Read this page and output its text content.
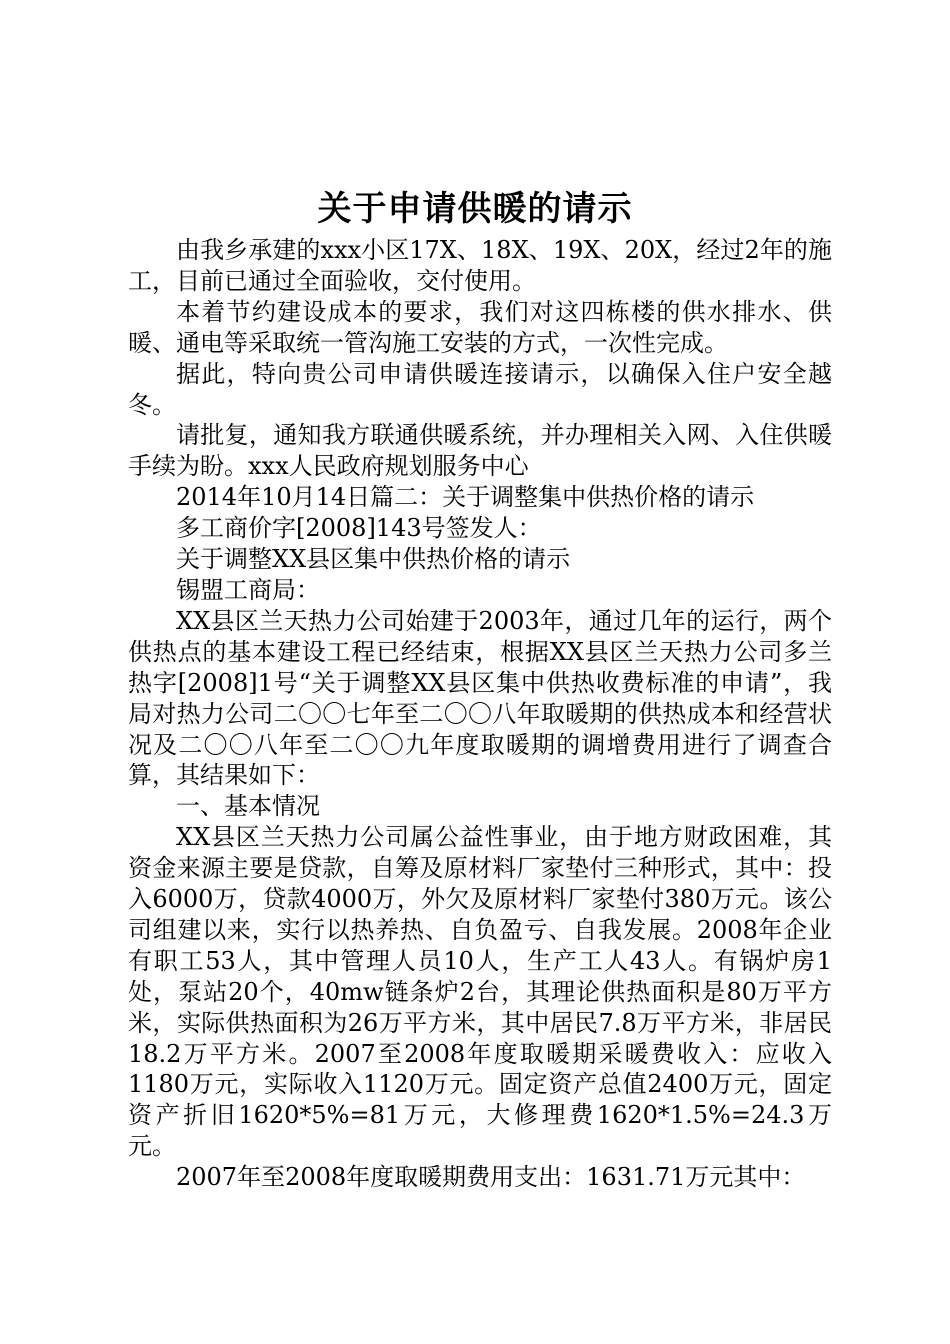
关于申请供暖的请示

由我乡承建的xxx小区17X、18X、19X、20X，经过2年的施工，目前已通过全面验收，交付使用。

本着节约建设成本的要求，我们对这四栋楼的供水排水、供暖、通电等采取统一管沟施工安装的方式，一次性完成。

据此，特向贵公司申请供暖连接请示，以确保入住户安全越冬。

请批复，通知我方联通供暖系统，并办理相关入网、入住供暖手续为盼。xxx人民政府规划服务中心

2014年10月14日篇二：关于调整集中供热价格的请示

多工商价字[2008]143号签发人：

关于调整XX县区集中供热价格的请示

锡盟工商局：

XX县区兰天热力公司始建于2003年，通过几年的运行，两个供热点的基本建设工程已经结束，根据XX县区兰天热力公司多兰热字[2008]1号“关于调整XX县区集中供热收费标准的申请”，我局对热力公司二〇〇七年至二〇〇八年取暖期的供热成本和经营状况及二〇〇八年至二〇〇九年度取暖期的调增费用进行了调查合算，其结果如下：

一、基本情况

XX县区兰天热力公司属公益性事业，由于地方财政困难，其资金来源主要是贷款，自筹及原材料厂家垫付三种形式，其中：投入6000万，贷款4000万，外欠及原材料厂家垫付380万元。该公司组建以来，实行以热养热、自负盈亏、自我发展。2008年企业有职工53人，其中管理人员10人，生产工人43人。有锅炉房1处，泵站20个，40mw链条炉2台，其理论供热面积是80万平方米，实际供热面积为26万平方米，其中居民7.8万平方米，非居民18.2万平方米。2007至2008年度取暖期采暖费收入：应收入1180万元，实际收入1120万元。固定资产总值2400万元，固定资产折旧1620*5%=81万元，大修理费1620*1.5%=24.3万元。

2007年至2008年度取暖期费用支出：1631.71万元其中：
